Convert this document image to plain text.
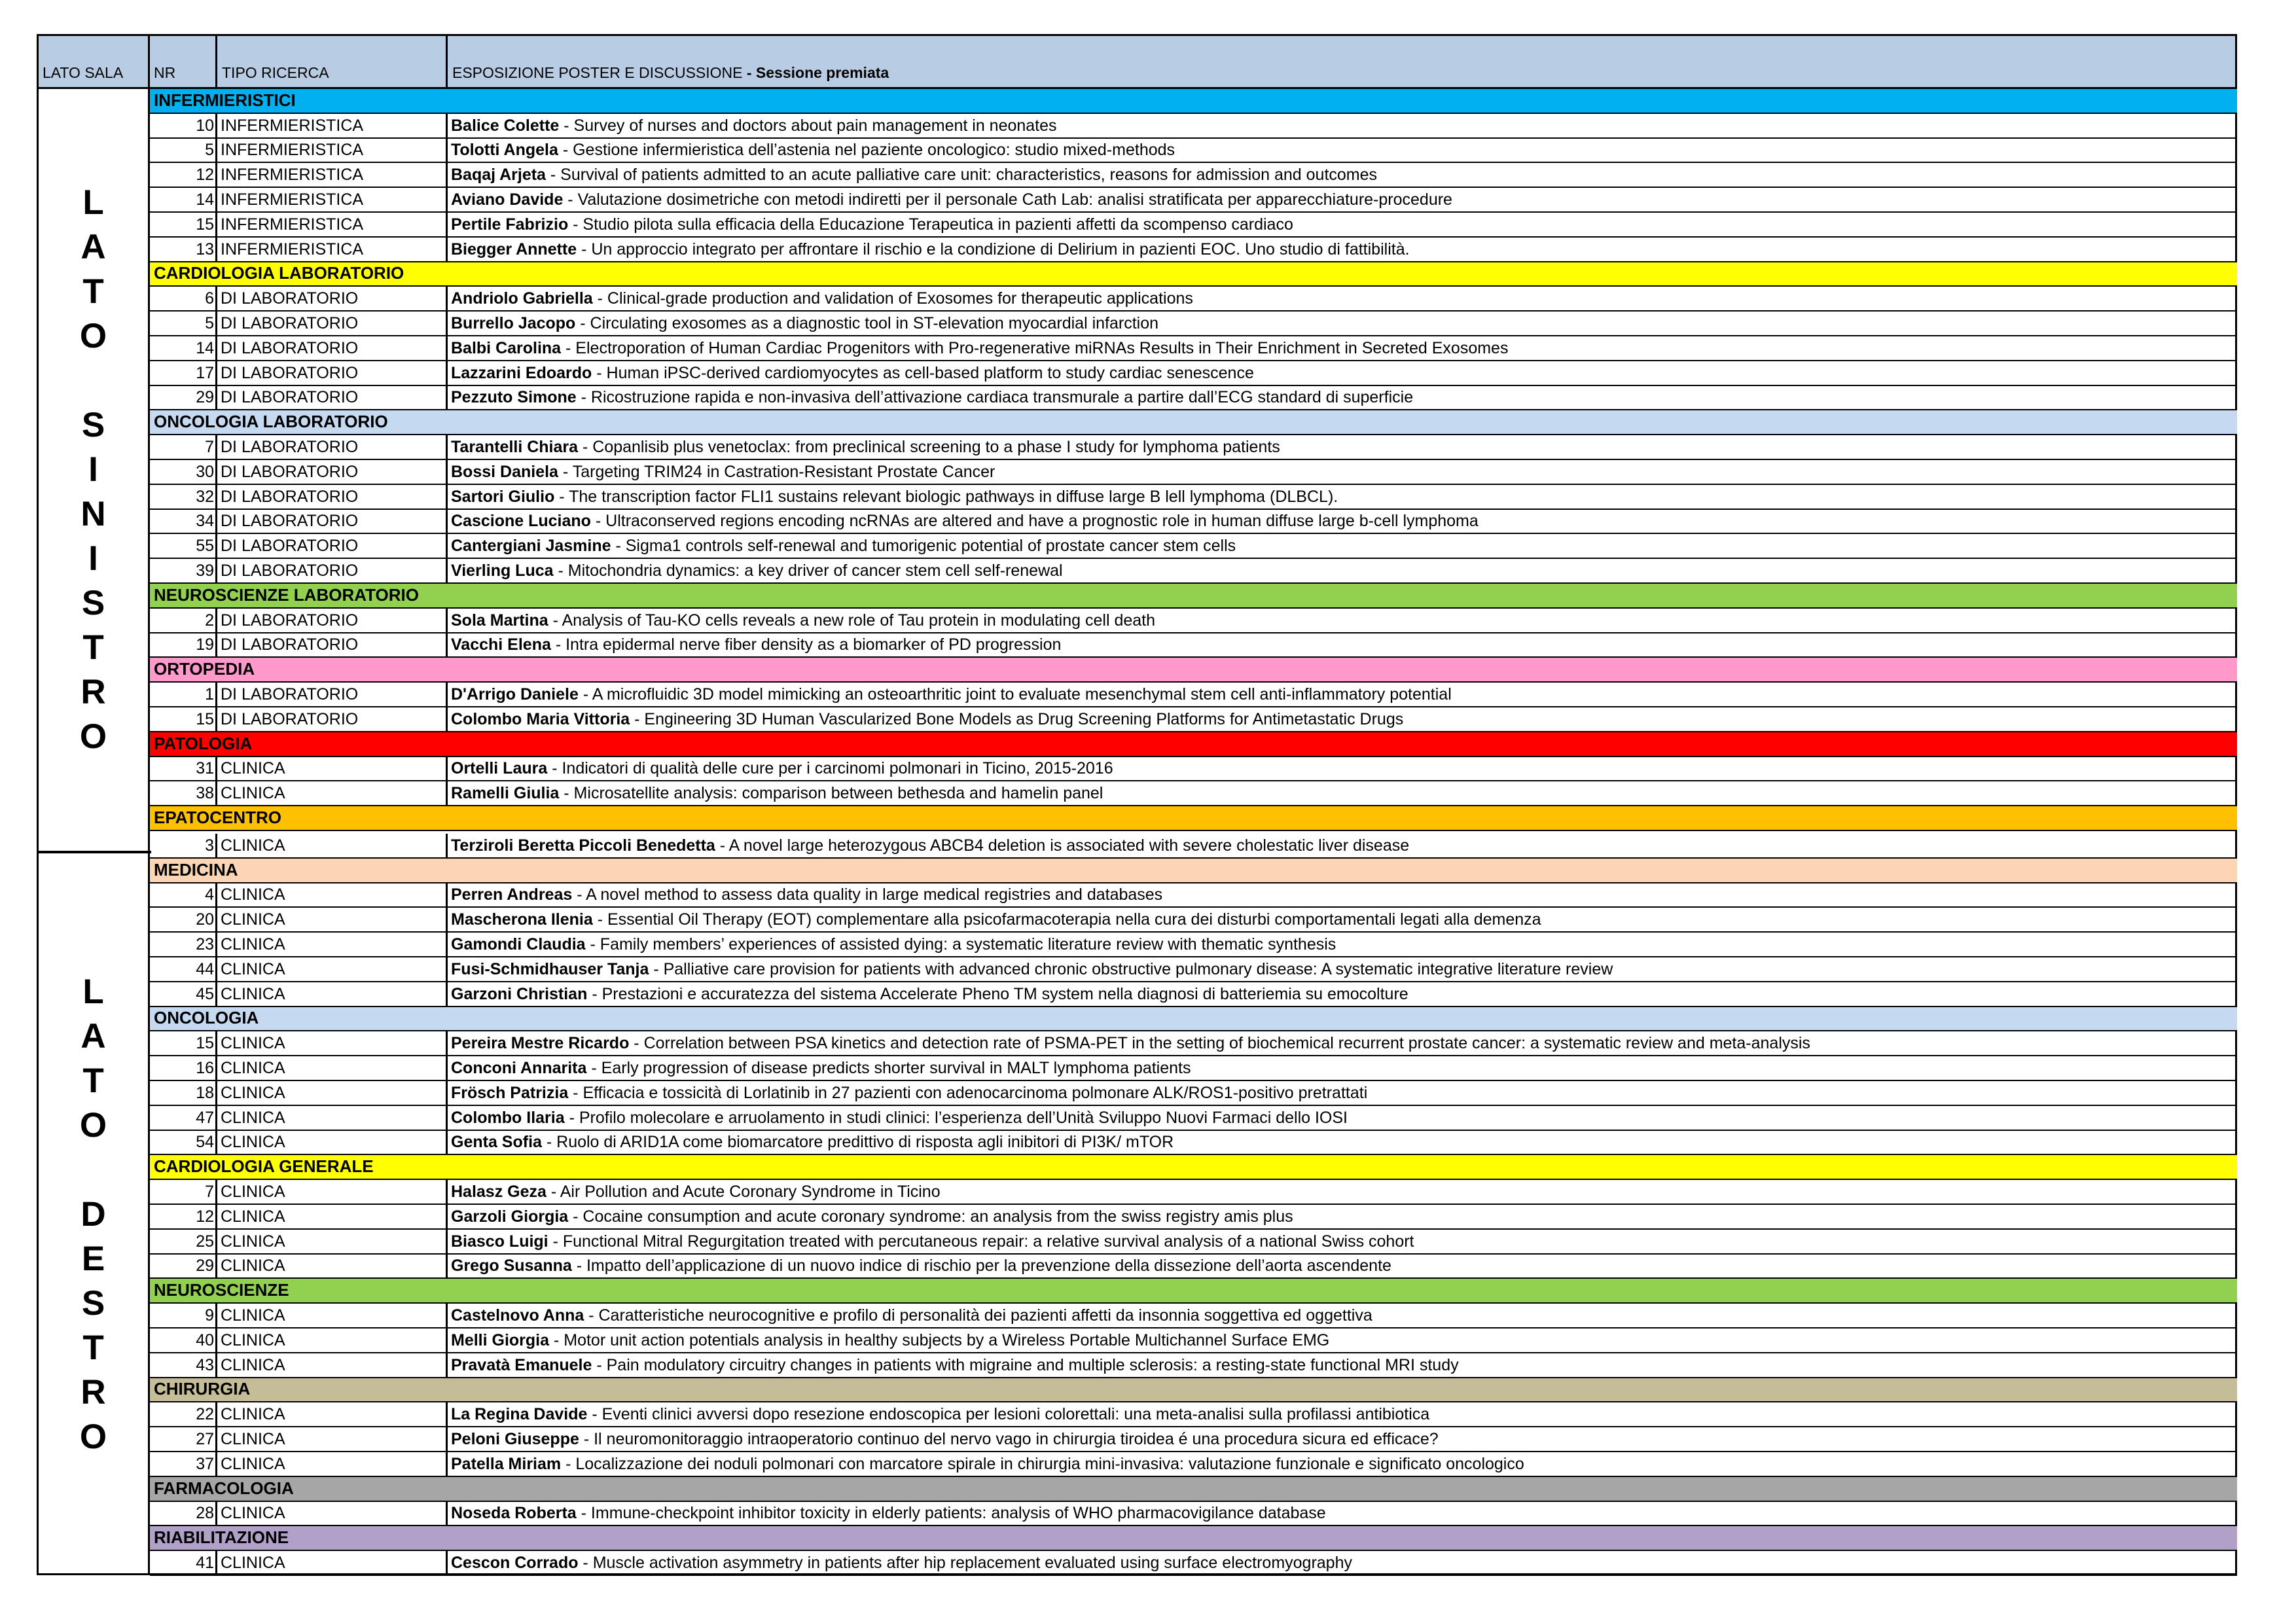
LATO SALA NR	TIPO RICERCA	ESPOSIZIONE POSTER E DISCUSSIONE - Sessione premiata
L
A
T
O
S
I
N
I
S
T
R
O
L
A
T
O
D
E
S
T
R
O
INFERMIERISTICI
10 INFERMIERISTICA	Balice Colette - Survey of nurses and doctors about pain management in neonates
5 INFERMIERISTICA	Tolotti Angela - Gestione infermieristica dell’astenia nel paziente oncologico: studio mixed-methods
12 INFERMIERISTICA	Baqaj Arjeta - Survival of patients admitted to an acute palliative care unit: characteristics, reasons for admission and outcomes
14 INFERMIERISTICA	Aviano Davide - Valutazione dosimetriche con metodi indiretti per il personale Cath Lab: analisi stratificata per apparecchiature-procedure
15 INFERMIERISTICA	Pertile Fabrizio - Studio pilota sulla efficacia della Educazione Terapeutica in pazienti affetti da scompenso cardiaco
13 INFERMIERISTICA	Biegger Annette - Un approccio integrato per affrontare il rischio e la condizione di Delirium in pazienti EOC. Uno studio di fattibilità.
CARDIOLOGIA LABORATORIO
6 DI LABORATORIO	Andriolo Gabriella - Clinical-grade production and validation of Exosomes for therapeutic applications
5 DI LABORATORIO	Burrello Jacopo - Circulating exosomes as a diagnostic tool in ST-elevation myocardial infarction
14 DI LABORATORIO	Balbi Carolina - Electroporation of Human Cardiac Progenitors with Pro-regenerative miRNAs Results in Their Enrichment in Secreted Exosomes
17 DI LABORATORIO	Lazzarini Edoardo - Human iPSC-derived cardiomyocytes as cell-based platform to study cardiac senescence
29 DI LABORATORIO	Pezzuto Simone - Ricostruzione rapida e non-invasiva dell’attivazione cardiaca transmurale a partire dall’ECG standard di superficie
ONCOLOGIA LABORATORIO
7 DI LABORATORIO	Tarantelli Chiara - Copanlisib plus venetoclax: from preclinical screening to a phase I study for lymphoma patients
30 DI LABORATORIO	Bossi Daniela - Targeting TRIM24 in Castration-Resistant Prostate Cancer
32 DI LABORATORIO	Sartori Giulio - The transcription factor FLI1 sustains relevant biologic pathways in diffuse large B lell lymphoma (DLBCL).
34 DI LABORATORIO	Cascione Luciano - Ultraconserved regions encoding ncRNAs are altered and have a prognostic role in human diffuse large b-cell lymphoma
55 DI LABORATORIO	Cantergiani Jasmine - Sigma1 controls self-renewal and tumorigenic potential of prostate cancer stem cells
39 DI LABORATORIO	Vierling Luca - Mitochondria dynamics: a key driver of cancer stem cell self-renewal
NEUROSCIENZE LABORATORIO
2 DI LABORATORIO	Sola Martina - Analysis of Tau-KO cells reveals a new role of Tau protein in modulating cell death
19 DI LABORATORIO	Vacchi Elena - Intra epidermal nerve fiber density as a biomarker of PD progression
ORTOPEDIA
1 DI LABORATORIO	D'Arrigo Daniele - A microfluidic 3D model mimicking an osteoarthritic joint to evaluate mesenchymal stem cell anti-inflammatory potential
15 DI LABORATORIO	Colombo Maria Vittoria - Engineering 3D Human Vascularized Bone Models as Drug Screening Platforms for Antimetastatic Drugs
PATOLOGIA
31 CLINICA	Ortelli Laura - Indicatori di qualità delle cure per i carcinomi polmonari in Ticino, 2015-2016
38 CLINICA	Ramelli Giulia - Microsatellite analysis: comparison between bethesda and hamelin panel
EPATOCENTRO
3 CLINICA	Terziroli Beretta Piccoli Benedetta - A novel large heterozygous ABCB4 deletion is associated with severe cholestatic liver disease
MEDICINA
4 CLINICA	Perren Andreas - A novel method to assess data quality in large medical registries and databases
20 CLINICA	Mascherona Ilenia - Essential Oil Therapy (EOT) complementare alla psicofarmacoterapia nella cura dei disturbi comportamentali legati alla demenza
23 CLINICA	Gamondi Claudia - Family members’ experiences of assisted dying: a systematic literature review with thematic synthesis
44 CLINICA	Fusi-Schmidhauser Tanja - Palliative care provision for patients with advanced chronic obstructive pulmonary disease: A systematic integrative literature review
45 CLINICA	Garzoni Christian - Prestazioni e accuratezza del sistema Accelerate Pheno TM system nella diagnosi di batteriemia su emocolture
ONCOLOGIA
15 CLINICA	Pereira Mestre Ricardo - Correlation between PSA kinetics and detection rate of PSMA-PET in the setting of biochemical recurrent prostate cancer: a systematic review and meta-analysis
16 CLINICA	Conconi Annarita - Early progression of disease predicts shorter survival in MALT lymphoma patients
18 CLINICA	Frösch Patrizia - Efficacia e tossicità di Lorlatinib in 27 pazienti con adenocarcinoma polmonare ALK/ROS1-positivo pretrattati
47 CLINICA	Colombo Ilaria - Profilo molecolare e arruolamento in studi clinici: l’esperienza dell’Unità Sviluppo Nuovi Farmaci dello IOSI
54 CLINICA	Genta Sofia - Ruolo di ARID1A come biomarcatore predittivo di risposta agli inibitori di PI3K/ mTOR
CARDIOLOGIA GENERALE
7 CLINICA	Halasz Geza - Air Pollution and Acute Coronary Syndrome in Ticino
12 CLINICA	Garzoli Giorgia - Cocaine consumption and acute coronary syndrome: an analysis from the swiss registry amis plus
25 CLINICA	Biasco Luigi - Functional Mitral Regurgitation treated with percutaneous repair: a relative survival analysis of a national Swiss cohort
29 CLINICA	Grego Susanna - Impatto dell’applicazione di un nuovo indice di rischio per la prevenzione della dissezione dell’aorta ascendente
NEUROSCIENZE
9 CLINICA	Castelnovo Anna - Caratteristiche neurocognitive e profilo di personalità dei pazienti affetti da insonnia soggettiva ed oggettiva
40 CLINICA	Melli Giorgia - Motor unit action potentials analysis in healthy subjects by a Wireless Portable Multichannel Surface EMG
43 CLINICA	Pravatà Emanuele - Pain modulatory circuitry changes in patients with migraine and multiple sclerosis: a resting-state functional MRI study
CHIRURGIA
22 CLINICA	La Regina Davide - Eventi clinici avversi dopo resezione endoscopica per lesioni colorettali: una meta-analisi sulla profilassi antibiotica
27 CLINICA	Peloni Giuseppe - Il neuromonitoraggio intraoperatorio continuo del nervo vago in chirurgia tiroidea é una procedura sicura ed efficace?
37 CLINICA	Patella Miriam - Localizzazione dei noduli polmonari con marcatore spirale in chirurgia mini-invasiva: valutazione funzionale e significato oncologico
FARMACOLOGIA
28 CLINICA	Noseda Roberta - Immune-checkpoint inhibitor toxicity in elderly patients: analysis of WHO pharmacovigilance database
RIABILITAZIONE
41 CLINICA	Cescon Corrado - Muscle activation asymmetry in patients after hip replacement evaluated using surface electromyography
